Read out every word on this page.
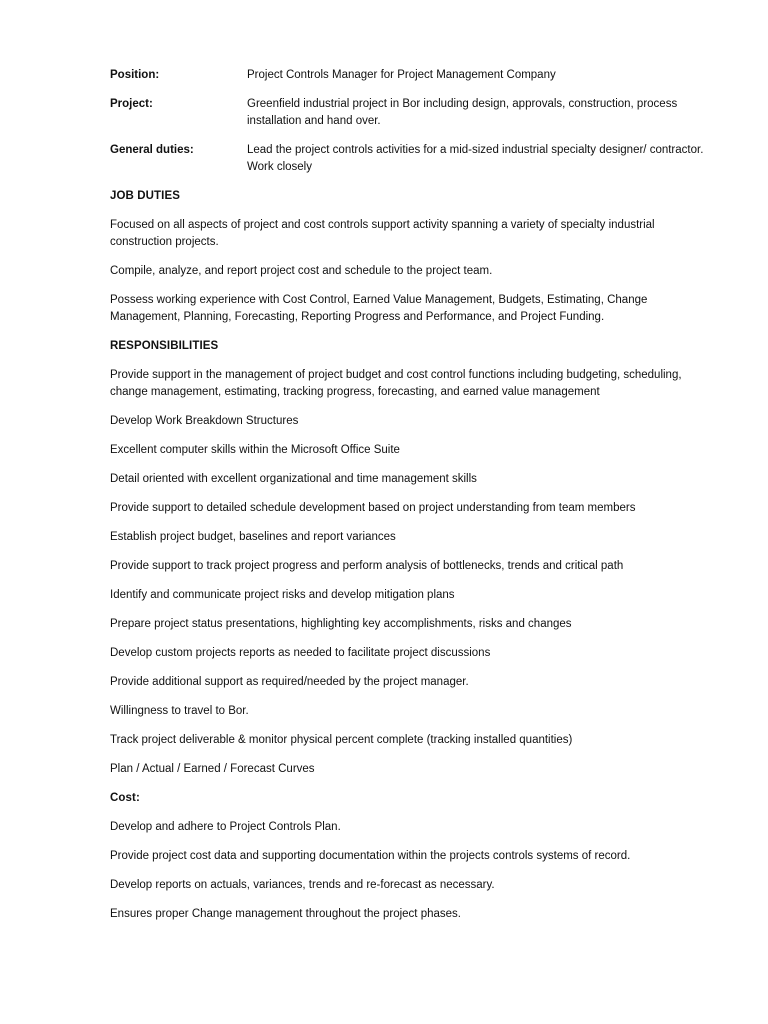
Position:	Project Controls Manager for Project Management Company
Project:	Greenfield industrial project in Bor including design, approvals, construction, process installation and hand over.
General duties:	Lead the project controls activities for a mid-sized industrial specialty designer/ contractor. Work closely
JOB DUTIES
Focused on all aspects of project and cost controls support activity spanning a variety of specialty industrial construction projects.
Compile, analyze, and report project cost and schedule to the project team.
Possess working experience with Cost Control, Earned Value Management, Budgets, Estimating, Change Management, Planning, Forecasting, Reporting Progress and Performance, and Project Funding.
RESPONSIBILITIES
Provide support in the management of project budget and cost control functions including budgeting, scheduling, change management, estimating, tracking progress, forecasting, and earned value management
Develop Work Breakdown Structures
Excellent computer skills within the Microsoft Office Suite
Detail oriented with excellent organizational and time management skills
Provide support to detailed schedule development based on project understanding from team members
Establish project budget, baselines and report variances
Provide support to track project progress and perform analysis of bottlenecks, trends and critical path
Identify and communicate project risks and develop mitigation plans
Prepare project status presentations, highlighting key accomplishments, risks and changes
Develop custom projects reports as needed to facilitate project discussions
Provide additional support as required/needed by the project manager.
Willingness to travel to Bor.
Track project deliverable & monitor physical percent complete (tracking installed quantities)
Plan / Actual / Earned / Forecast Curves
Cost:
Develop and adhere to Project Controls Plan.
Provide project cost data and supporting documentation within the projects controls systems of record.
Develop reports on actuals, variances, trends and re-forecast as necessary.
Ensures proper Change management throughout the project phases.
